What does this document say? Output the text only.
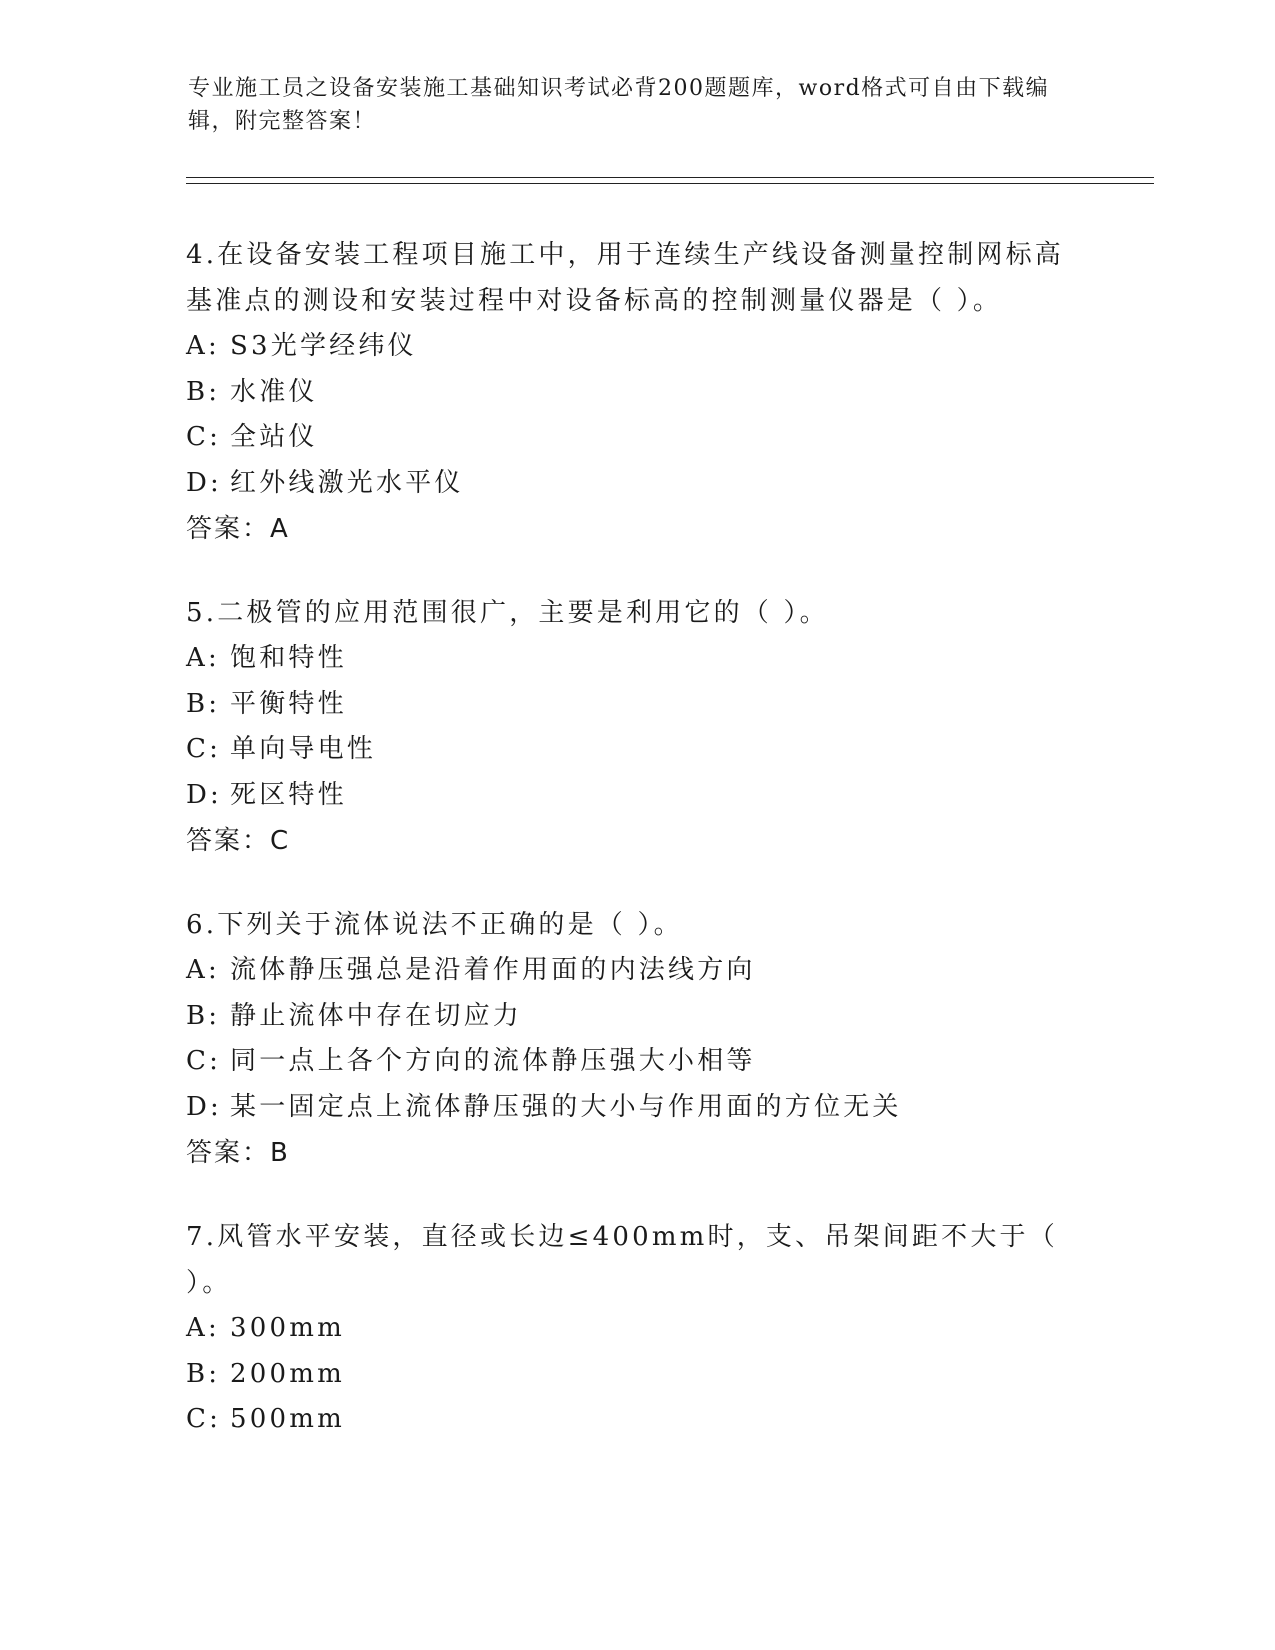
专业施工员之设备安装施工基础知识考试必背200题题库，word格式可自由下载编辑，附完整答案！

4.在设备安装工程项目施工中，用于连续生产线设备测量控制网标高基准点的测设和安装过程中对设备标高的控制测量仪器是（ ）。

A: S3光学经纬仪

B: 水准仪

C: 全站仪

D: 红外线激光水平仪

答案：A

5.二极管的应用范围很广，主要是利用它的（ ）。

A: 饱和特性

B: 平衡特性

C: 单向导电性

D: 死区特性

答案：C

6.下列关于流体说法不正确的是（ ）。

A: 流体静压强总是沿着作用面的内法线方向

B: 静止流体中存在切应力

C: 同一点上各个方向的流体静压强大小相等

D: 某一固定点上流体静压强的大小与作用面的方位无关

答案：B

7.风管水平安装，直径或长边≤400mm时，支、吊架间距不大于（ ）。

A: 300mm

B: 200mm

C: 500mm
